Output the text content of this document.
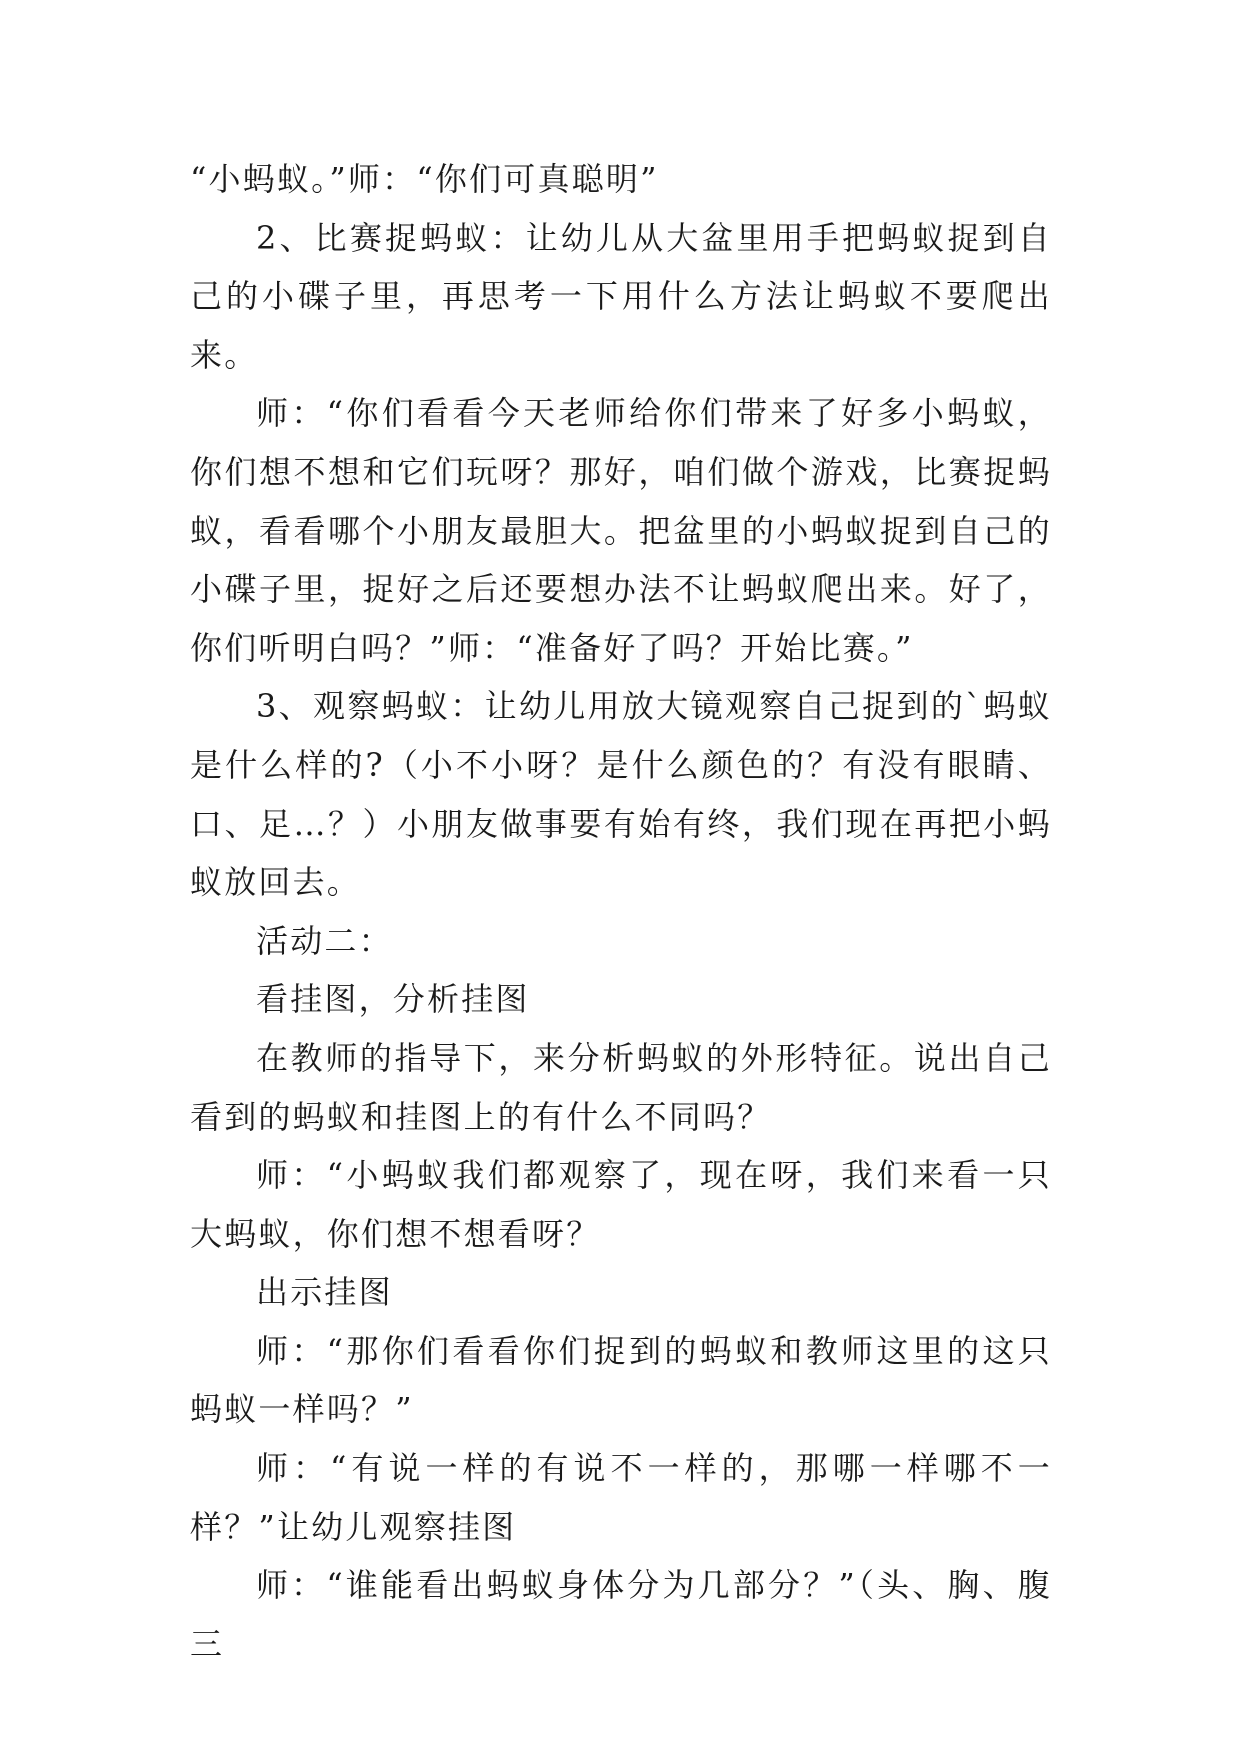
“小蚂蚁。”师：“你们可真聪明”

2、比赛捉蚂蚁：让幼儿从大盆里用手把蚂蚁捉到自己的小碟子里，再思考一下用什么方法让蚂蚁不要爬出来。

师：“你们看看今天老师给你们带来了好多小蚂蚁，你们想不想和它们玩呀？那好，咱们做个游戏，比赛捉蚂蚁，看看哪个小朋友最胆大。把盆里的小蚂蚁捉到自己的小碟子里，捉好之后还要想办法不让蚂蚁爬出来。好了，你们听明白吗？”师：“准备好了吗？开始比赛。”

3、观察蚂蚁：让幼儿用放大镜观察自己捉到的`蚂蚁是什么样的?（小不小呀？是什么颜色的？有没有眼睛、口、足…？）小朋友做事要有始有终，我们现在再把小蚂蚁放回去。

活动二：

看挂图，分析挂图

在教师的指导下，来分析蚂蚁的外形特征。说出自己看到的蚂蚁和挂图上的有什么不同吗？

师：“小蚂蚁我们都观察了，现在呀，我们来看一只大蚂蚁，你们想不想看呀？

出示挂图

师：“那你们看看你们捉到的蚂蚁和教师这里的这只蚂蚁一样吗？”

师：“有说一样的有说不一样的，那哪一样哪不一样？”让幼儿观察挂图

师：“谁能看出蚂蚁身体分为几部分？”（头、胸、腹三
